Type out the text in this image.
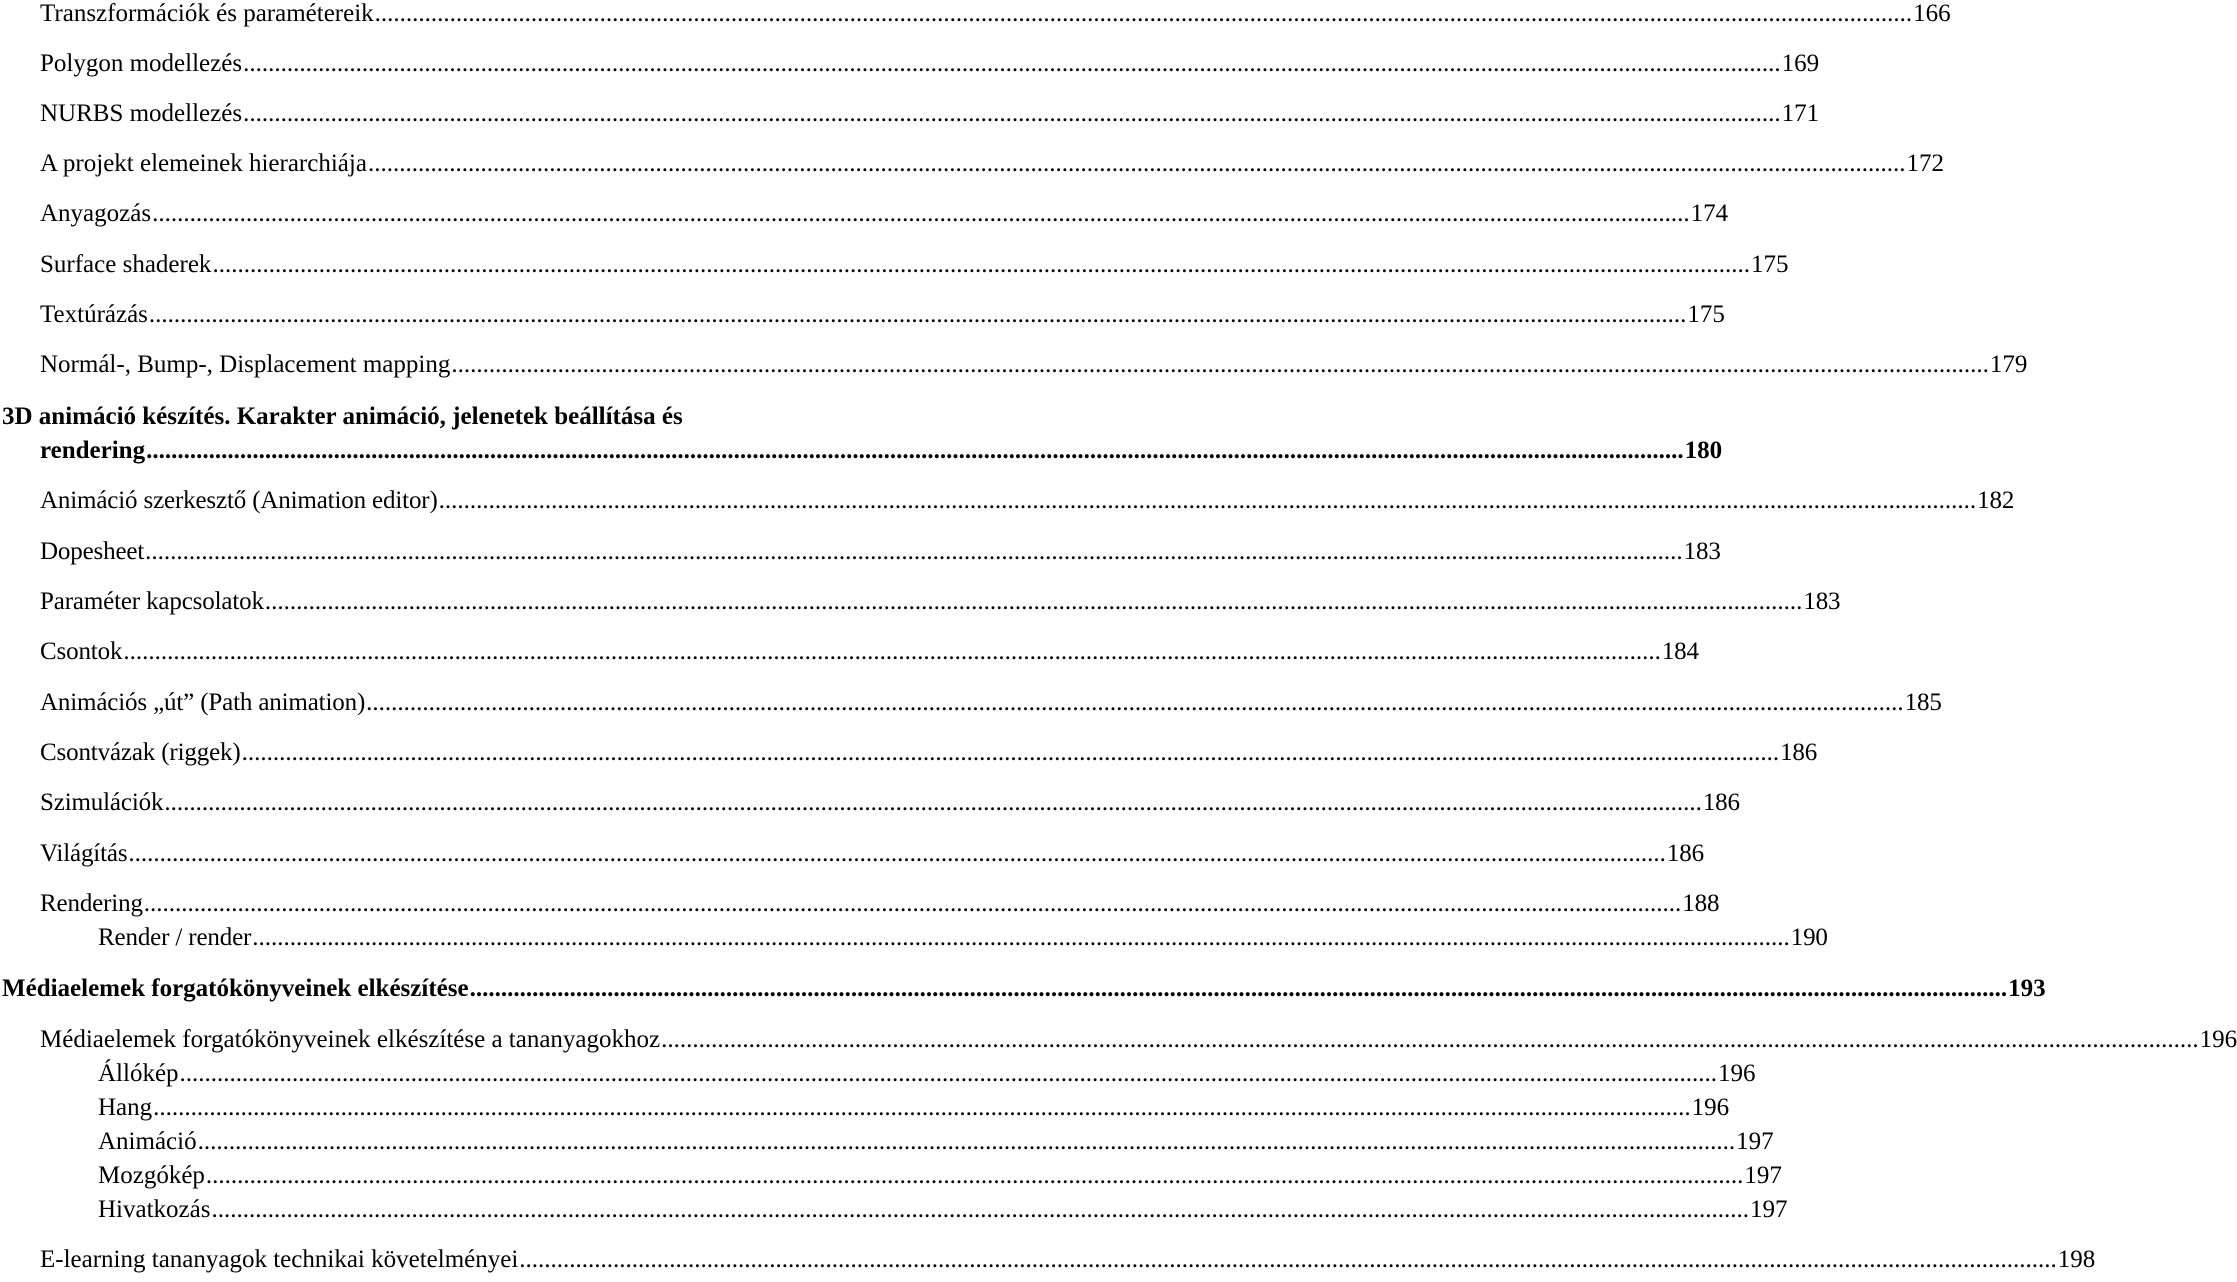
Transzformációk és paramétereik .....	166
Polygon modellezés .....	169
NURBS modellezés .....	171
A projekt elemeinek hierarchiája .....	172
Anyagozás .....	174
Surface shaderek .....	175
Textúrázás .....	175
Normál-, Bump-, Displacement mapping .....	179
3D animáció készítés. Karakter animáció, jelenetek beállítása és
rendering .....	180
Animáció szerkesztő (Animation editor) .....	182
Dopesheet .....	183
Paraméter kapcsolatok .....	183
Csontok .....	184
Animációs „út” (Path animation) .....	185
Csontvázak (riggek) .....	186
Szimulációk .....	186
Világítás .....	186
Rendering .....	188
Render / render .....	190
Médiaelemek forgatókönyveinek elkészítése .....	193
Médiaelemek forgatókönyveinek elkészítése a tananyagokhoz .....	196
Állókép .....	196
Hang .....	196
Animáció .....	197
Mozgókép .....	197
Hivatkozás .....	197
E-learning tananyagok technikai követelményei .....	198
